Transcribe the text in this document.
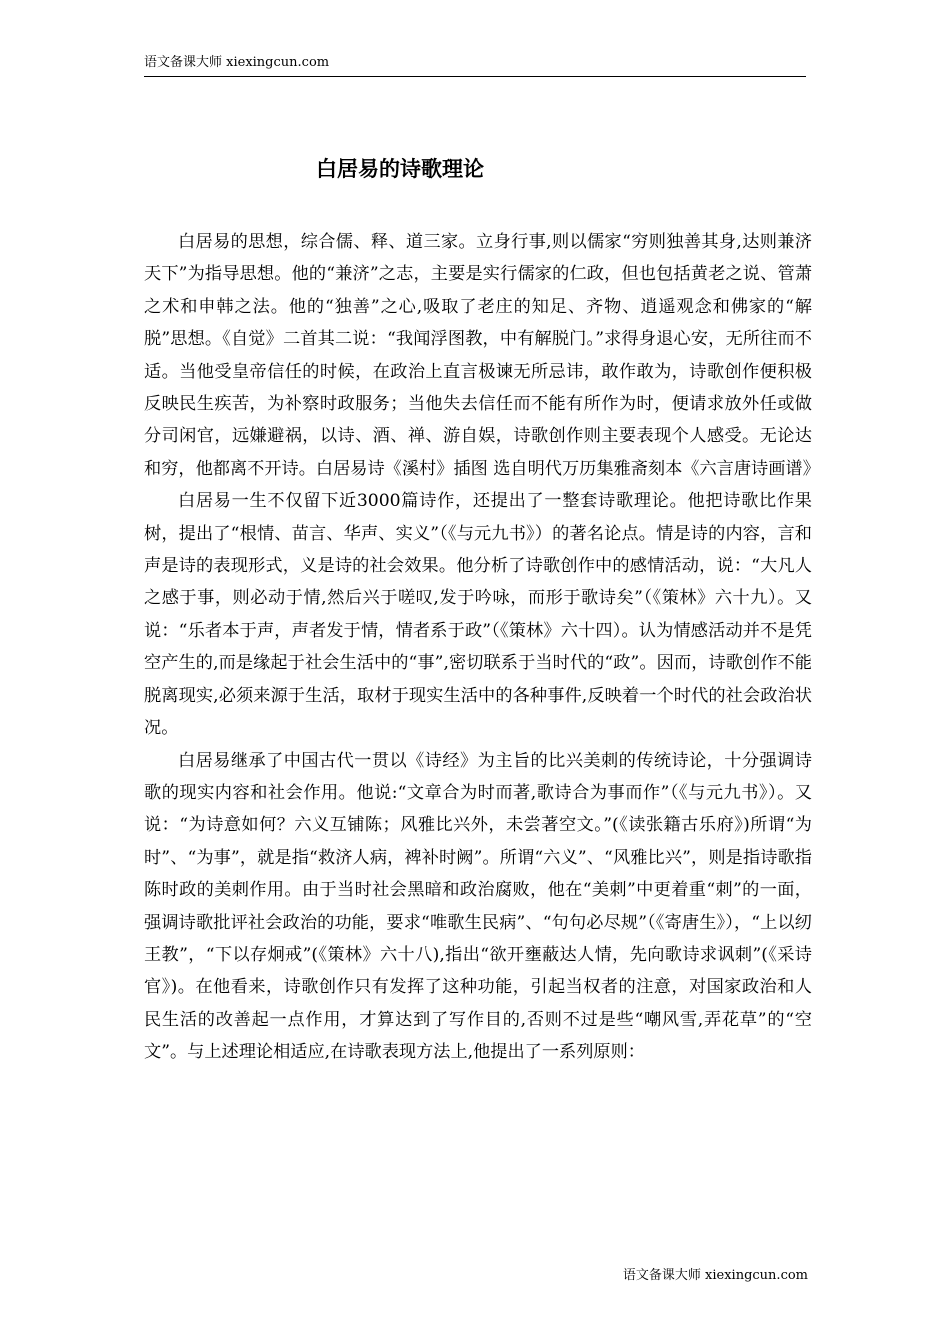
语文备课大师 xiexingcun.com
白居易的诗歌理论

白居易的思想，综合儒、释、道三家。立身行事,则以儒家“穷则独善其身,达则兼济天下”为指导思想。他的“兼济”之志，主要是实行儒家的仁政，但也包括黄老之说、管萧之术和申韩之法。他的“独善”之心,吸取了老庄的知足、齐物、逍遥观念和佛家的“解脱”思想。《自觉》二首其二说：“我闻浮图教，中有解脱门。”求得身退心安，无所往而不适。当他受皇帝信任的时候，在政治上直言极谏无所忌讳，敢作敢为，诗歌创作便积极反映民生疾苦，为补察时政服务；当他失去信任而不能有所作为时，便请求放外任或做分司闲官，远嫌避祸，以诗、酒、禅、游自娱，诗歌创作则主要表现个人感受。无论达和穷，他都离不开诗。白居易诗《溪村》插图 选自明代万历集雅斋刻本《六言唐诗画谱》

白居易一生不仅留下近3000篇诗作，还提出了一整套诗歌理论。他把诗歌比作果树，提出了“根情、苗言、华声、实义”（《与元九书》）的著名论点。情是诗的内容，言和声是诗的表现形式，义是诗的社会效果。他分析了诗歌创作中的感情活动，说：“大凡人之感于事，则必动于情,然后兴于嗟叹,发于吟咏，而形于歌诗矣”（《策林》六十九）。又说：“乐者本于声，声者发于情，情者系于政”（《策林》六十四）。认为情感活动并不是凭空产生的,而是缘起于社会生活中的“事”,密切联系于当时代的“政”。因而，诗歌创作不能脱离现实,必须来源于生活，取材于现实生活中的各种事件,反映着一个时代的社会政治状况。

白居易继承了中国古代一贯以《诗经》为主旨的比兴美刺的传统诗论，十分强调诗歌的现实内容和社会作用。他说:“文章合为时而著,歌诗合为事而作”（《与元九书》）。又说：“为诗意如何？六义互铺陈；风雅比兴外，未尝著空文。”(《读张籍古乐府》)所谓“为时”、“为事”，就是指“救济人病，裨补时阙”。所谓“六义”、“风雅比兴”，则是指诗歌指陈时政的美刺作用。由于当时社会黑暗和政治腐败，他在“美刺”中更着重“刺”的一面，强调诗歌批评社会政治的功能，要求“唯歌生民病”、“句句必尽规”（《寄唐生》），“上以纫王教”，“下以存炯戒”(《策林》六十八),指出“欲开壅蔽达人情，先向歌诗求讽刺”(《采诗官》)。在他看来，诗歌创作只有发挥了这种功能，引起当权者的注意，对国家政治和人民生活的改善起一点作用，才算达到了写作目的,否则不过是些“嘲风雪,弄花草”的“空文”。与上述理论相适应,在诗歌表现方法上,他提出了一系列原则：

语文备课大师 xiexingcun.com
